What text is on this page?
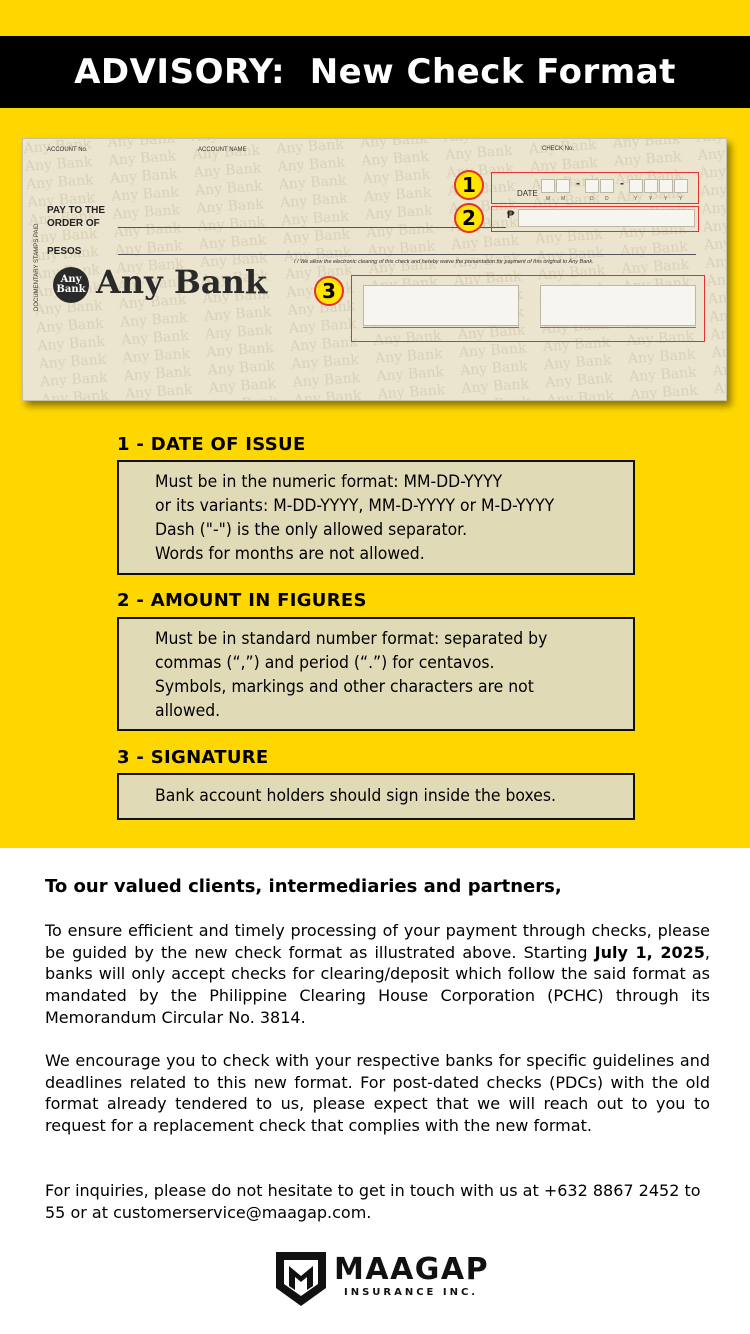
ADVISORY:  New Check Format
ACCOUNT No.	ACCOUNT NAME	CHECK No.
DOCUMENTARY STAMPS PAID
PAY TO THE
ORDER OF
PESOS
I / We allow the electronic clearing of this check and hereby waive the presentation for payment of this original to Any Bank.
Any
Bank Any Bank
DATE
-	-
M M	D D	Y Y Y Y
₱
1
2
3
1 - DATE OF ISSUE
Must be in the numeric format: MM-DD-YYYY
or its variants: M-DD-YYYY, MM-D-YYYY or M-D-YYYY
Dash ("-") is the only allowed separator.
Words for months are not allowed.
2 - AMOUNT IN FIGURES
Must be in standard number format: separated by
commas (“,”) and period (“.”) for centavos.
Symbols, markings and other characters are not
allowed.
3 - SIGNATURE
Bank account holders should sign inside the boxes.
To our valued clients, intermediaries and partners,
To ensure efficient and timely processing of your payment through checks, please be guided by the new check format as illustrated above. Starting July 1, 2025, banks will only accept checks for clearing/deposit which follow the said format as mandated by the Philippine Clearing House Corporation (PCHC) through its Memorandum Circular No. 3814.
We encourage you to check with your respective banks for specific guidelines and deadlines related to this new format. For post-dated checks (PDCs) with the old format already tendered to us, please expect that we will reach out to you to request for a replacement check that complies with the new format.
For inquiries, please do not hesitate to get in touch with us at +632 8867 2452 to 55 or at customerservice@maagap.com.
MAAGAP
INSURANCE INC.
